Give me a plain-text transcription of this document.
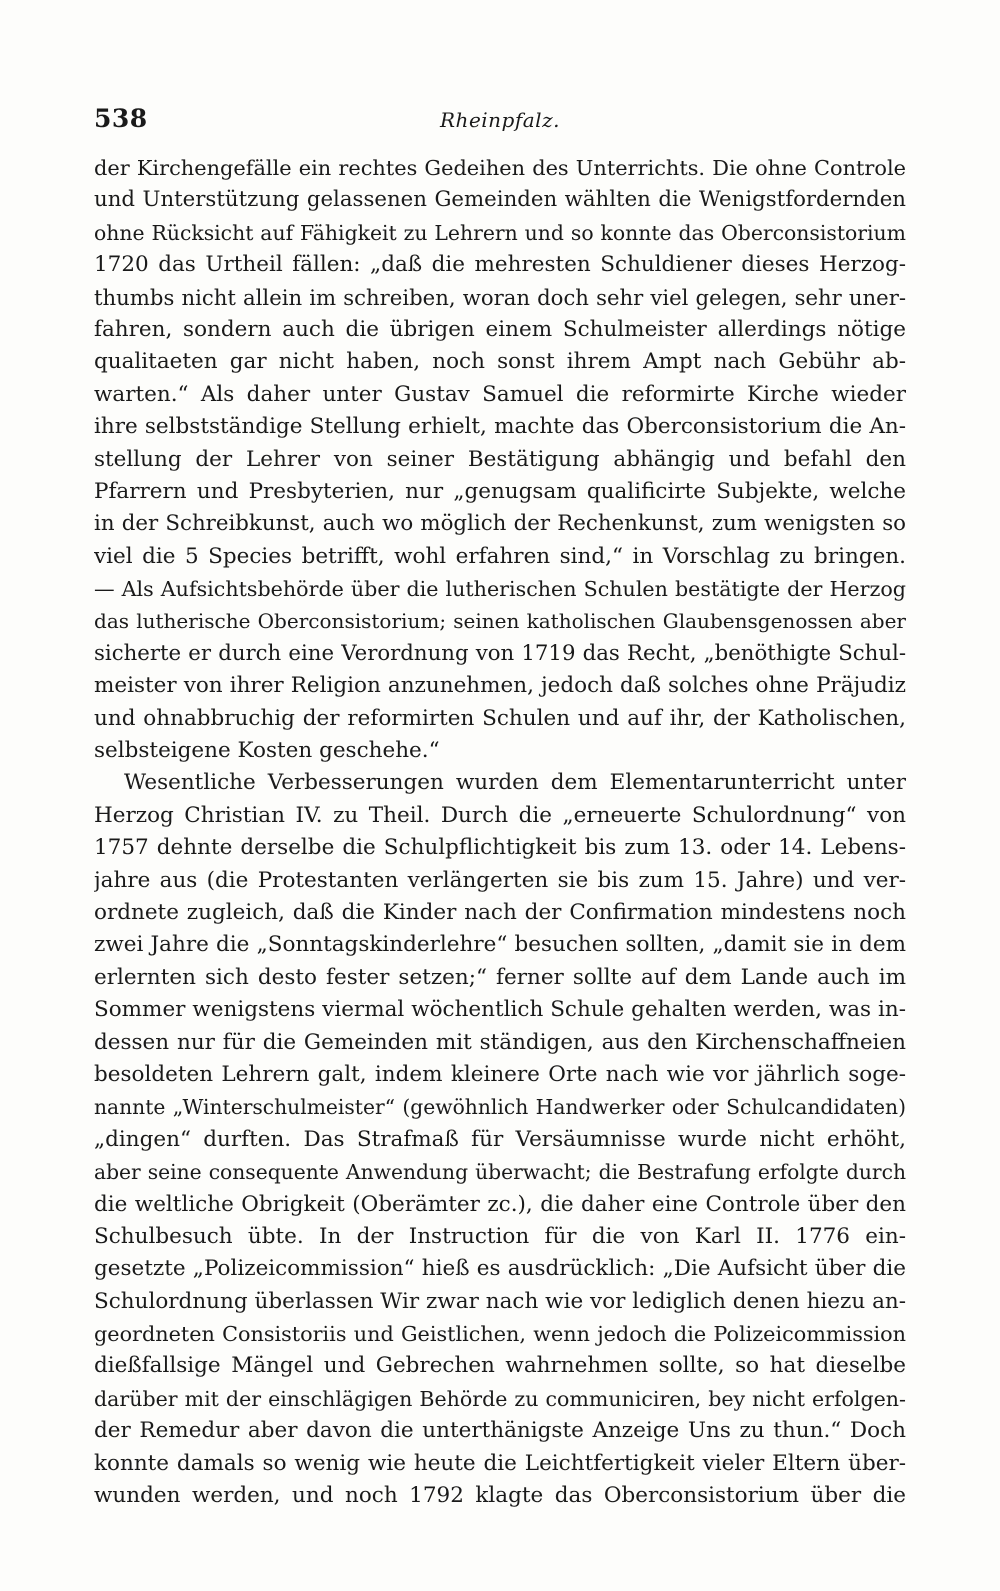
538	Rheinpfalz.
der Kirchengefälle ein rechtes Gedeihen des Unterrichts. Die ohne Controle
und Unterstützung gelassenen Gemeinden wählten die Wenigstfordernden
ohne Rücksicht auf Fähigkeit zu Lehrern und so konnte das Oberconsistorium
1720 das Urtheil fällen: „daß die mehresten Schuldiener dieses Herzog-
thumbs nicht allein im schreiben, woran doch sehr viel gelegen, sehr uner-
fahren, sondern auch die übrigen einem Schulmeister allerdings nötige
qualitaeten gar nicht haben, noch sonst ihrem Ampt nach Gebühr ab-
warten.“ Als daher unter Gustav Samuel die reformirte Kirche wieder
ihre selbstständige Stellung erhielt, machte das Oberconsistorium die An-
stellung der Lehrer von seiner Bestätigung abhängig und befahl den
Pfarrern und Presbyterien, nur „genugsam qualificirte Subjekte, welche
in der Schreibkunst, auch wo möglich der Rechenkunst, zum wenigsten so
viel die 5 Species betrifft, wohl erfahren sind,“ in Vorschlag zu bringen.
— Als Aufsichtsbehörde über die lutherischen Schulen bestätigte der Herzog
das lutherische Oberconsistorium; seinen katholischen Glaubensgenossen aber
sicherte er durch eine Verordnung von 1719 das Recht, „benöthigte Schul-
meister von ihrer Religion anzunehmen, jedoch daß solches ohne Präjudiz
und ohnabbruchig der reformirten Schulen und auf ihr, der Katholischen,
selbsteigene Kosten geschehe.“
Wesentliche Verbesserungen wurden dem Elementarunterricht unter
Herzog Christian IV. zu Theil. Durch die „erneuerte Schulordnung“ von
1757 dehnte derselbe die Schulpflichtigkeit bis zum 13. oder 14. Lebens-
jahre aus (die Protestanten verlängerten sie bis zum 15. Jahre) und ver-
ordnete zugleich, daß die Kinder nach der Confirmation mindestens noch
zwei Jahre die „Sonntagskinderlehre“ besuchen sollten, „damit sie in dem
erlernten sich desto fester setzen;“ ferner sollte auf dem Lande auch im
Sommer wenigstens viermal wöchentlich Schule gehalten werden, was in-
dessen nur für die Gemeinden mit ständigen, aus den Kirchenschaffneien
besoldeten Lehrern galt, indem kleinere Orte nach wie vor jährlich soge-
nannte „Winterschulmeister“ (gewöhnlich Handwerker oder Schulcandidaten)
„dingen“ durften. Das Strafmaß für Versäumnisse wurde nicht erhöht,
aber seine consequente Anwendung überwacht; die Bestrafung erfolgte durch
die weltliche Obrigkeit (Oberämter zc.), die daher eine Controle über den
Schulbesuch übte. In der Instruction für die von Karl II. 1776 ein-
gesetzte „Polizeicommission“ hieß es ausdrücklich: „Die Aufsicht über die
Schulordnung überlassen Wir zwar nach wie vor lediglich denen hiezu an-
geordneten Consistoriis und Geistlichen, wenn jedoch die Polizeicommission
dießfallsige Mängel und Gebrechen wahrnehmen sollte, so hat dieselbe
darüber mit der einschlägigen Behörde zu communiciren, bey nicht erfolgen-
der Remedur aber davon die unterthänigste Anzeige Uns zu thun.“ Doch
konnte damals so wenig wie heute die Leichtfertigkeit vieler Eltern über-
wunden werden, und noch 1792 klagte das Oberconsistorium über die
